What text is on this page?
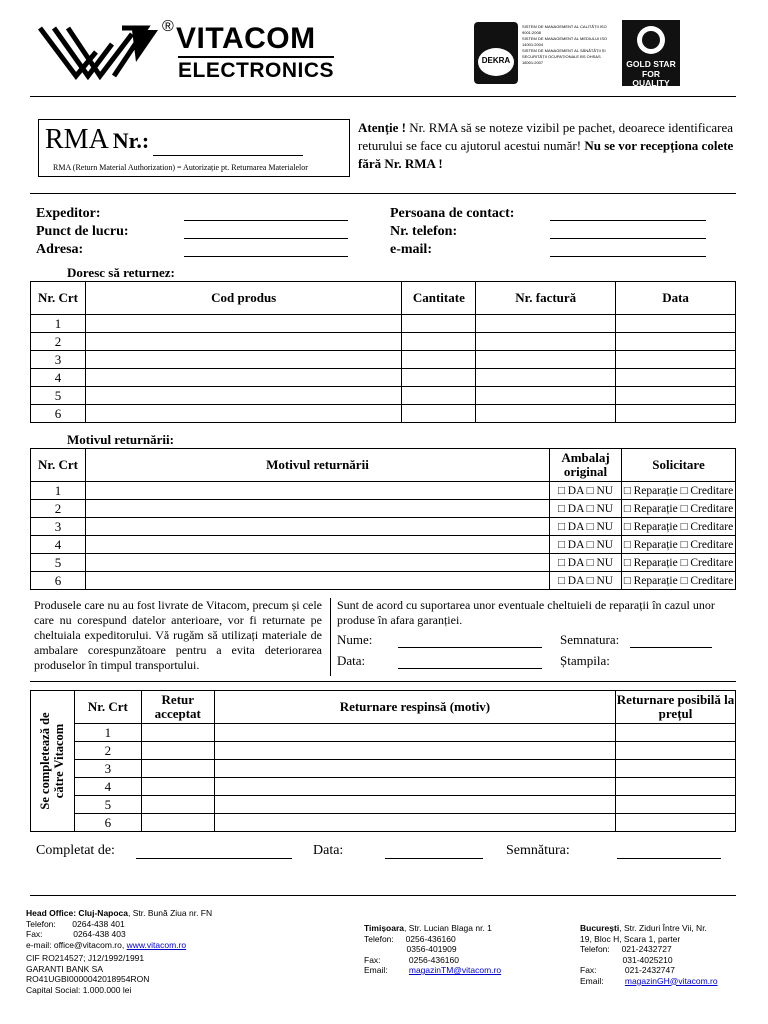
® VITACOM
ELECTRONICS	DEKRA
SISTEM DE MANAGEMENT AL CALITĂȚII ISO 9001:2008
SISTEM DE MANAGEMENT AL MEDIULUI ISO 14001:2004
SISTEM DE MANAGEMENT AL SĂNĂTĂȚII ȘI SECURITĂȚII OCUPAȚIONALE BS OHSAS 18001:2007	GOLD STAR FOR QUALITY
RMA Nr.:
RMA (Return Material Authorization) = Autorizație pt. Returnarea Materialelor
Atenție ! Nr. RMA să se noteze vizibil pe pachet, deoarece identificarea returului se face cu ajutorul acestui număr! Nu se vor recepționa colete fără Nr. RMA !
Expeditor:
Punct de lucru:
Adresa:
Persoana de contact:
Nr. telefon:
e-mail:
Doresc să returnez:
Nr. Crt	Cod produs	Cantitate	Nr. factură	Data
1				
2				
3				
4				
5				
6				
Motivul returnării:
Nr. Crt	Motivul returnării	Ambalaj original	Solicitare
1		□ DA □ NU	□ Reparație □ Creditare
2		□ DA □ NU	□ Reparație □ Creditare
3		□ DA □ NU	□ Reparație □ Creditare
4		□ DA □ NU	□ Reparație □ Creditare
5		□ DA □ NU	□ Reparație □ Creditare
6		□ DA □ NU	□ Reparație □ Creditare
Produsele care nu au fost livrate de Vitacom, precum și cele care nu corespund datelor anterioare, vor fi returnate pe cheltuiala expeditorului. Vă rugăm să utilizați materiale de ambalare corespunzătoare pentru a evita deteriorarea produselor în timpul transportului.
Sunt de acord cu suportarea unor eventuale cheltuieli de reparații în cazul unor produse în afara garanției.
Nume:	Semnatura:
Data:	Ștampila:
Se completează de către Vitacom	Nr. Crt	Retur acceptat	Returnare respinsă (motiv)	Returnare posibilă la prețul
	1			
	2			
	3			
	4			
	5			
	6			
Completat de:	Data:	Semnătura:
Head Office: Cluj-Napoca, Str. Bună Ziua nr. FN
Telefon:       0264-438 401
Fax:             0264-438 403
e-mail: office@vitacom.ro, www.vitacom.ro
CIF RO214527; J12/1992/1991
GARANTI BANK SA
RO41UGBI0000042018954RON
Capital Social: 1.000.000 lei
Timișoara, Str. Lucian Blaga nr. 1
Telefon:     0256-436160
0356-401909
Fax:            0256-436160
Email:         magazinTM@vitacom.ro
București, Str. Ziduri Între Vii, Nr.
19, Bloc H, Scara 1, parter
Telefon:     021-2432727
031-4025210
Fax:            021-2432747
Email:         magazinGH@vitacom.ro
